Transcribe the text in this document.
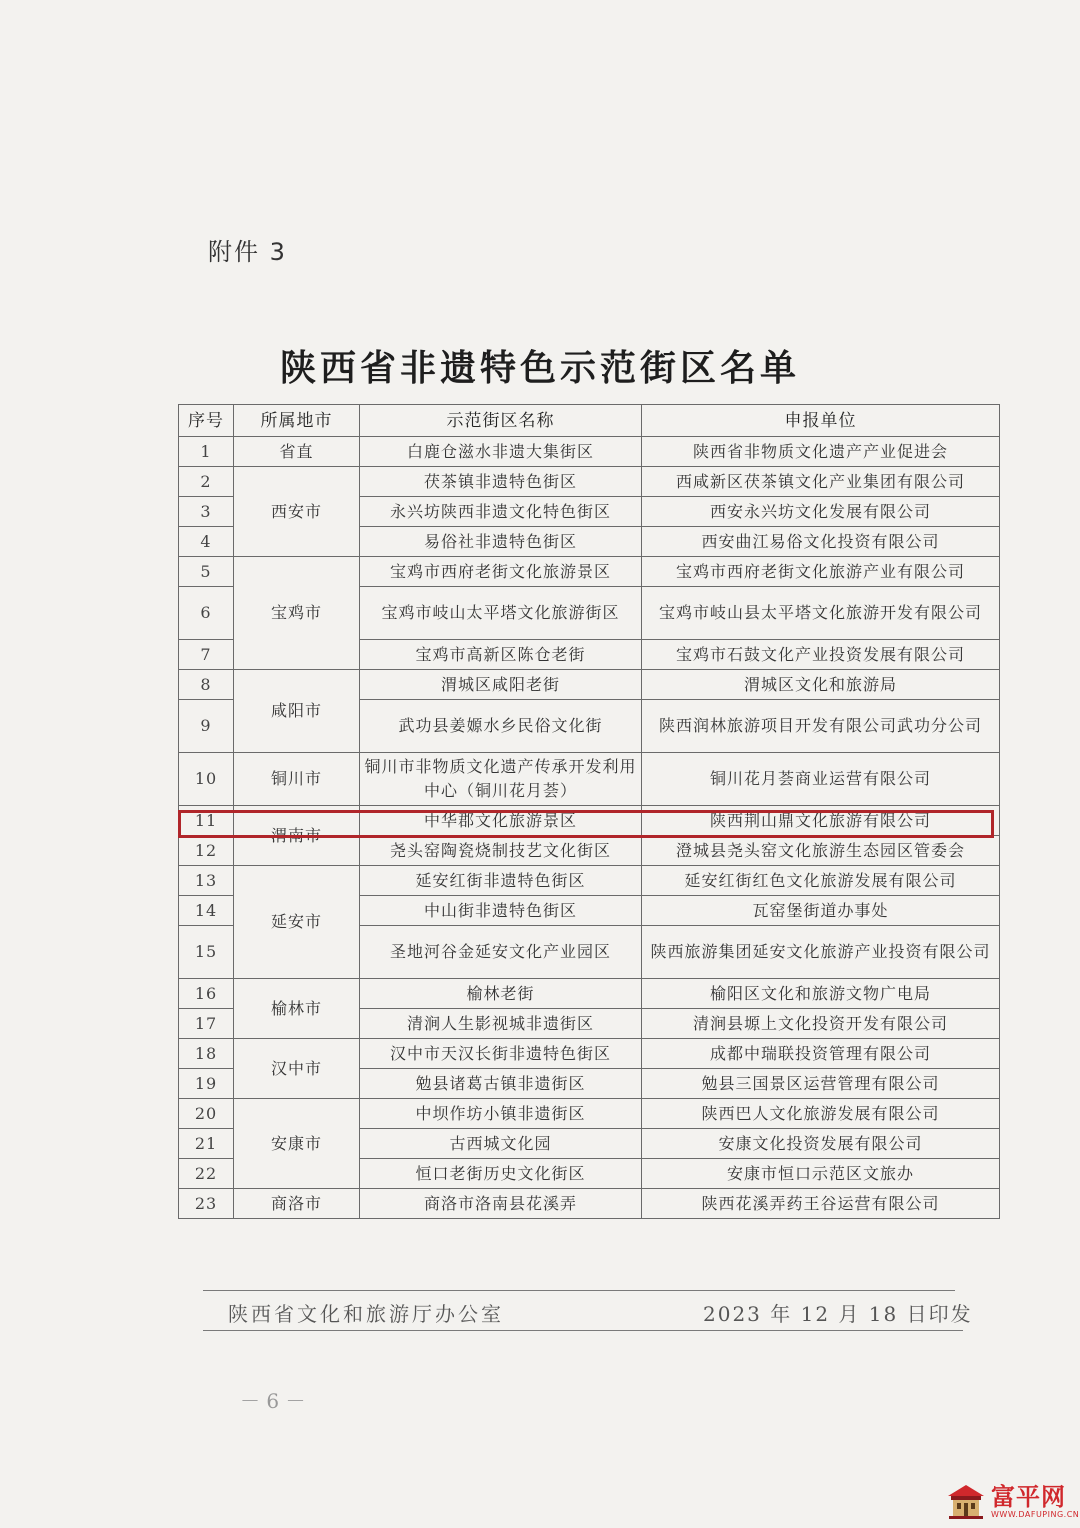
附件 3
陕西省非遗特色示范街区名单
序号	所属地市	示范街区名称	申报单位
1	省直	白鹿仓滋水非遗大集街区	陕西省非物质文化遗产产业促进会
2	西安市	茯茶镇非遗特色街区	西咸新区茯茶镇文化产业集团有限公司
3		永兴坊陕西非遗文化特色街区	西安永兴坊文化发展有限公司
4		易俗社非遗特色街区	西安曲江易俗文化投资有限公司
5	宝鸡市	宝鸡市西府老街文化旅游景区	宝鸡市西府老街文化旅游产业有限公司
6		宝鸡市岐山太平塔文化旅游街区	宝鸡市岐山县太平塔文化旅游开发有限公司
7		宝鸡市高新区陈仓老街	宝鸡市石鼓文化产业投资发展有限公司
8	咸阳市	渭城区咸阳老街	渭城区文化和旅游局
9		武功县姜嫄水乡民俗文化街	陕西润林旅游项目开发有限公司武功分公司
10	铜川市	铜川市非物质文化遗产传承开发利用中心（铜川花月荟）	铜川花月荟商业运营有限公司
11	渭南市	中华郡文化旅游景区	陕西荆山鼎文化旅游有限公司
12		尧头窑陶瓷烧制技艺文化街区	澄城县尧头窑文化旅游生态园区管委会
13	延安市	延安红街非遗特色街区	延安红街红色文化旅游发展有限公司
14		中山街非遗特色街区	瓦窑堡街道办事处
15		圣地河谷金延安文化产业园区	陕西旅游集团延安文化旅游产业投资有限公司
16	榆林市	榆林老街	榆阳区文化和旅游文物广电局
17		清涧人生影视城非遗街区	清涧县塬上文化投资开发有限公司
18	汉中市	汉中市天汉长街非遗特色街区	成都中瑞联投资管理有限公司
19		勉县诸葛古镇非遗街区	勉县三国景区运营管理有限公司
20	安康市	中坝作坊小镇非遗街区	陕西巴人文化旅游发展有限公司
21		古西城文化园	安康文化投资发展有限公司
22		恒口老街历史文化街区	安康市恒口示范区文旅办
23	商洛市	商洛市洛南县花溪弄	陕西花溪弄药王谷运营有限公司
陕西省文化和旅游厅办公室	2023 年 12 月 18 日印发
－ 6 －
富平网
WWW.DAFUPING.CN
